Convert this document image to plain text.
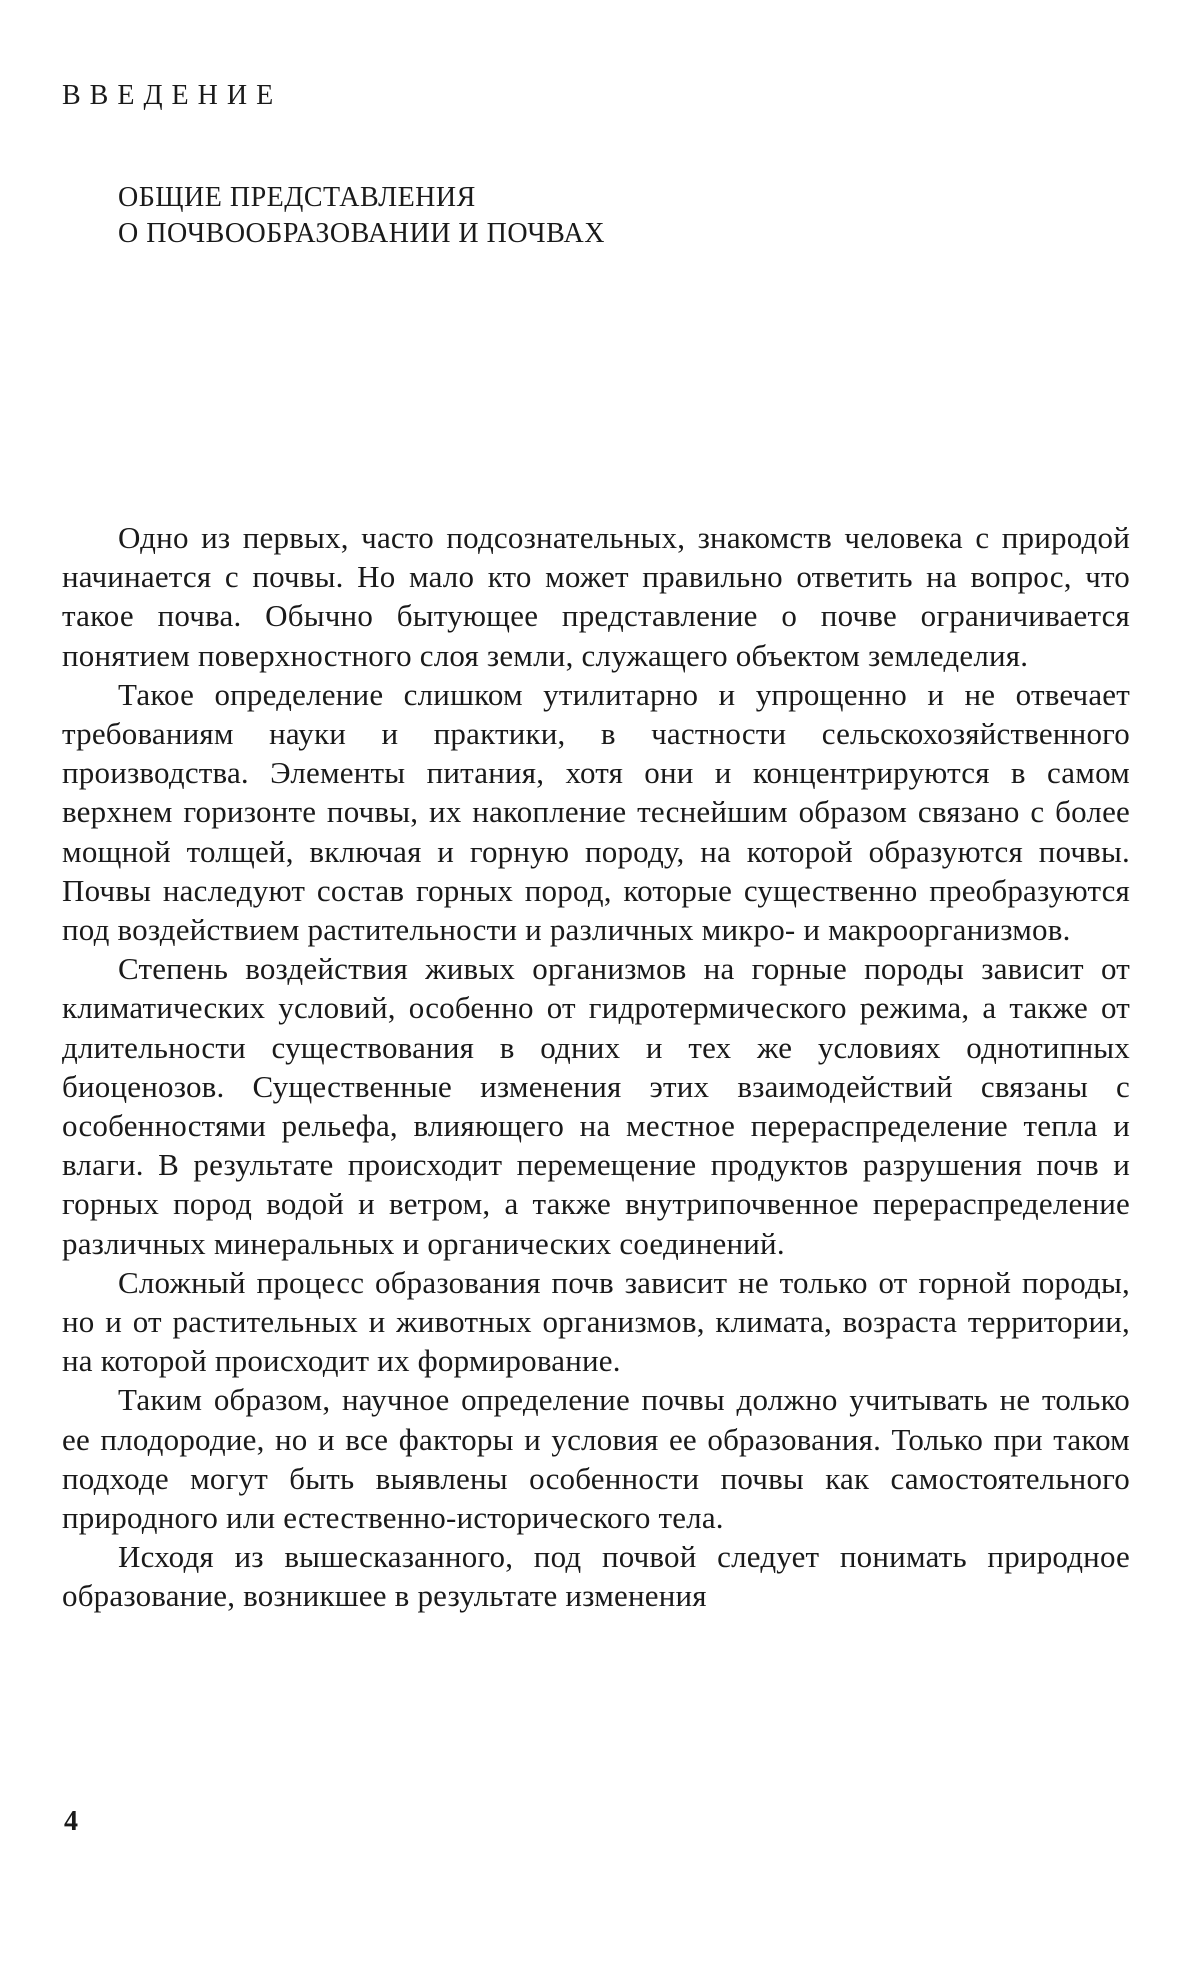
ВВЕДЕНИЕ
ОБЩИЕ ПРЕДСТАВЛЕНИЯ
О ПОЧВООБРАЗОВАНИИ И ПОЧВАХ

Одно из первых, часто подсознательных, знакомств человека с природой начинается с почвы. Но мало кто может правильно ответить на вопрос, что такое почва. Обычно бытующее представление о почве ограничивается понятием поверхностного слоя земли, служащего объектом земледелия.

Такое определение слишком утилитарно и упрощенно и не отвечает требованиям науки и практики, в частности сельскохозяйственного производства. Элементы питания, хотя они и концентрируются в самом верхнем горизонте почвы, их накопление теснейшим образом связано с более мощной толщей, включая и горную породу, на которой образуются почвы. Почвы наследуют состав горных пород, которые существенно преобразуются под воздействием растительности и различных микро- и макроорганизмов.

Степень воздействия живых организмов на горные породы зависит от климатических условий, особенно от гидротермического режима, а также от длительности существования в одних и тех же условиях однотипных биоценозов. Существенные изменения этих взаимодействий связаны с особенностями рельефа, влияющего на местное перераспределение тепла и влаги. В результате происходит перемещение продуктов разрушения почв и горных пород водой и ветром, а также внутрипочвенное перераспределение различных минеральных и органических соединений.

Сложный процесс образования почв зависит не только от горной породы, но и от растительных и животных организмов, климата, возраста территории, на которой происходит их формирование.

Таким образом, научное определение почвы должно учитывать не только ее плодородие, но и все факторы и условия ее образования. Только при таком подходе могут быть выявлены особенности почвы как самостоятельного природного или естественно-исторического тела.

Исходя из вышесказанного, под почвой следует понимать природное образование, возникшее в результате изменения

4
